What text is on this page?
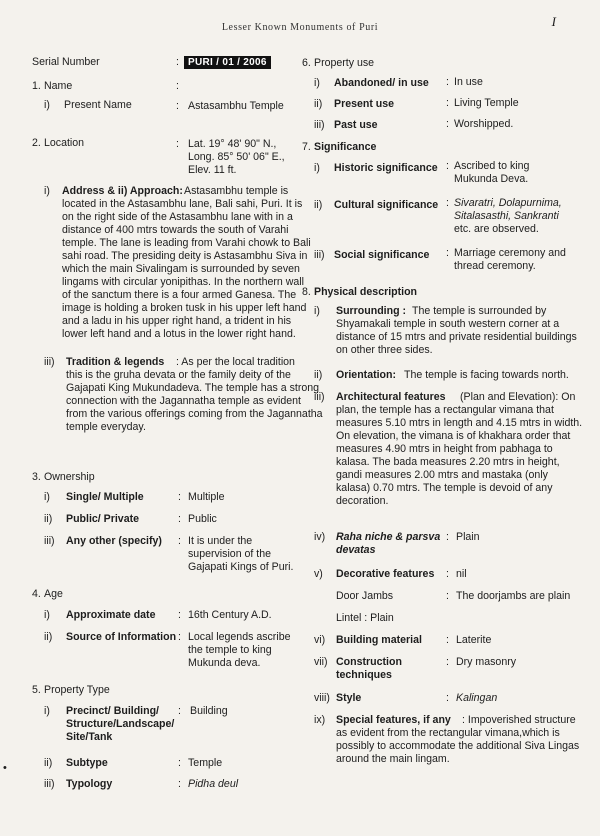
Lesser Known Monuments of Puri	I
Serial Number	: PURI / 01 / 2006
1. Name	:
i) Present Name	: Astasambhu Temple
2. Location	: Lat. 19° 48' 90" N.,
Long. 85° 50' 06" E.,
Elev. 11 ft.
i) Address & ii) Approach: Astasambhu temple is
located in the Astasambhu lane, Bali sahi, Puri. It is
on the right side of the Astasambhu lane with in a
distance of 400 mtrs towards the south of Varahi
temple. The lane is leading from Varahi chowk to Bali
sahi road. The presiding deity is Astasambhu Siva in
which the main Sivalingam is surrounded by seven
lingams with circular yonipithas. In the northern wall
of the sanctum there is a four armed Ganesa. The
image is holding a broken tusk in his upper left hand
and a ladu in his upper right hand, a trident in his
lower left hand and a lotus in the lower right hand.
iii) Tradition & legends : As per the local tradition
this is the gruha devata or the family deity of the
Gajapati King Mukundadeva. The temple has a strong
connection with the Jagannatha temple as evident
from the various offerings coming from the Jagannatha
temple everyday.
3. Ownership
i) Single/ Multiple	: Multiple
ii) Public/ Private	: Public
iii) Any other (specify) : It is under the
supervision of the
Gajapati Kings of Puri.
4. Age
i) Approximate date : 16th Century A.D.
ii) Source of Information : Local legends ascribe
the temple to king
Mukunda deva.
5. Property Type
i) Precinct/ Building/
Structure/Landscape/
Site/Tank
: Building
ii) Subtype	: Temple
iii) Typology	: Pidha deul
•
6. Property use
i) Abandoned/ in use : In use
ii) Present use	: Living Temple
iii) Past use	: Worshipped.
7. Significance
i) Historic significance : Ascribed to king
Mukunda Deva.
ii) Cultural significance : Sivaratri, Dolapurnima,
Sitalasasthi, Sankranti
etc. are observed.
iii) Social significance : Marriage ceremony and
thread ceremony.
8. Physical description
i) Surrounding : The temple is surrounded by
Shyamakali temple in south western corner at a
distance of 15 mtrs and private residential buildings
on other three sides.
ii) Orientation: The temple is facing towards north.
iii) Architectural features (Plan and Elevation): On
plan, the temple has a rectangular vimana that
measures 5.10 mtrs in length and 4.15 mtrs in width.
On elevation, the vimana is of khakhara order that
measures 4.90 mtrs in height from pabhaga to
kalasa. The bada measures 2.20 mtrs in height,
gandi measures 2.00 mtrs and mastaka (only
kalasa) 0.70 mtrs. The temple is devoid of any
decoration.
iv) Raha niche & parsva
devatas
: Plain
v) Decorative features : nil
Door Jambs	: The doorjambs are plain
Lintel : Plain
vi) Building material : Laterite
vii) Construction
techniques
: Dry masonry
viii) Style	: Kalingan
ix) Special features, if any : Impoverished structure
as evident from the rectangular vimana,which is
possibly to accommodate the additional Siva Lingas
around the main lingam.
